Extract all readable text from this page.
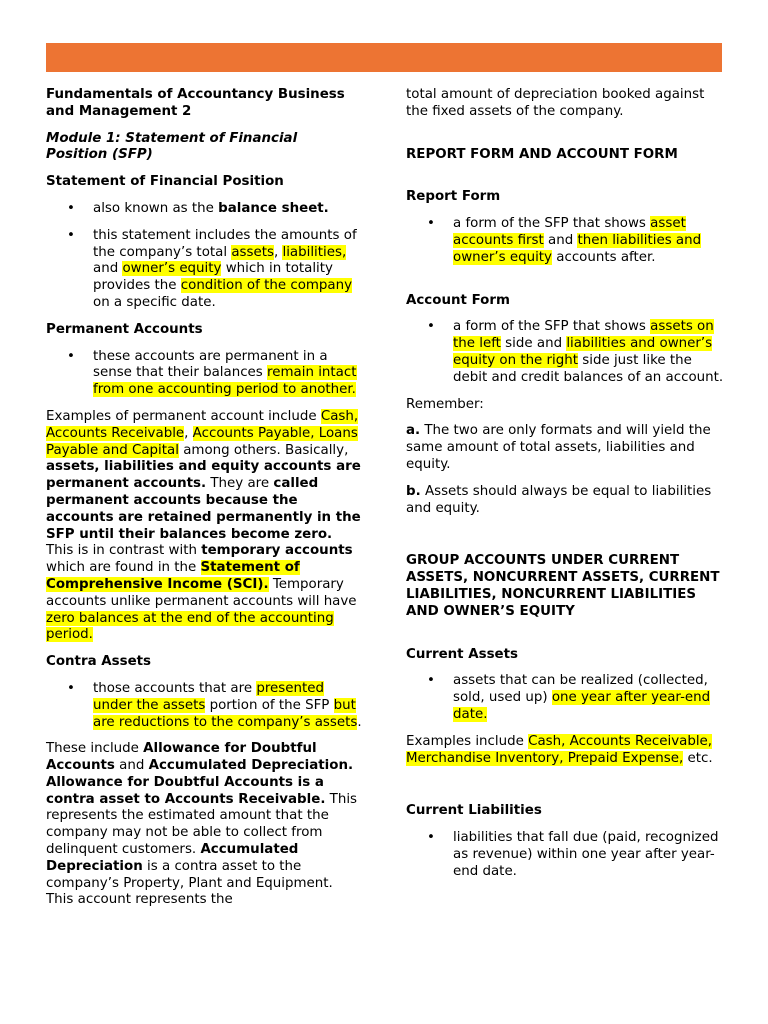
Fundamentals of Accountancy Business and Management 2

Module 1: Statement of Financial Position (SFP)

Statement of Financial Position

• also known as the balance sheet.
• this statement includes the amounts of the company’s total assets, liabilities, and owner’s equity which in totality provides the condition of the company on a specific date.

Permanent Accounts

• these accounts are permanent in a sense that their balances remain intact from one accounting period to another.

Examples of permanent account include Cash, Accounts Receivable, Accounts Payable, Loans Payable and Capital among others. Basically, assets, liabilities and equity accounts are permanent accounts. They are called permanent accounts because the accounts are retained permanently in the SFP until their balances become zero. This is in contrast with temporary accounts which are found in the Statement of Comprehensive Income (SCI). Temporary accounts unlike permanent accounts will have zero balances at the end of the accounting period.

Contra Assets

• those accounts that are presented under the assets portion of the SFP but are reductions to the company’s assets.

These include Allowance for Doubtful Accounts and Accumulated Depreciation. Allowance for Doubtful Accounts is a contra asset to Accounts Receivable. This represents the estimated amount that the company may not be able to collect from delinquent customers. Accumulated Depreciation is a contra asset to the company’s Property, Plant and Equipment. This account represents the

total amount of depreciation booked against the fixed assets of the company.

REPORT FORM AND ACCOUNT FORM

Report Form

• a form of the SFP that shows asset accounts first and then liabilities and owner’s equity accounts after.

Account Form

• a form of the SFP that shows assets on the left side and liabilities and owner’s equity on the right side just like the debit and credit balances of an account.

Remember:

a. The two are only formats and will yield the same amount of total assets, liabilities and equity.

b. Assets should always be equal to liabilities and equity.

GROUP ACCOUNTS UNDER CURRENT ASSETS, NONCURRENT ASSETS, CURRENT LIABILITIES, NONCURRENT LIABILITIES AND OWNER’S EQUITY

Current Assets

• assets that can be realized (collected, sold, used up) one year after year-end date.

Examples include Cash, Accounts Receivable, Merchandise Inventory, Prepaid Expense, etc.

Current Liabilities

• liabilities that fall due (paid, recognized as revenue) within one year after year-end date.
